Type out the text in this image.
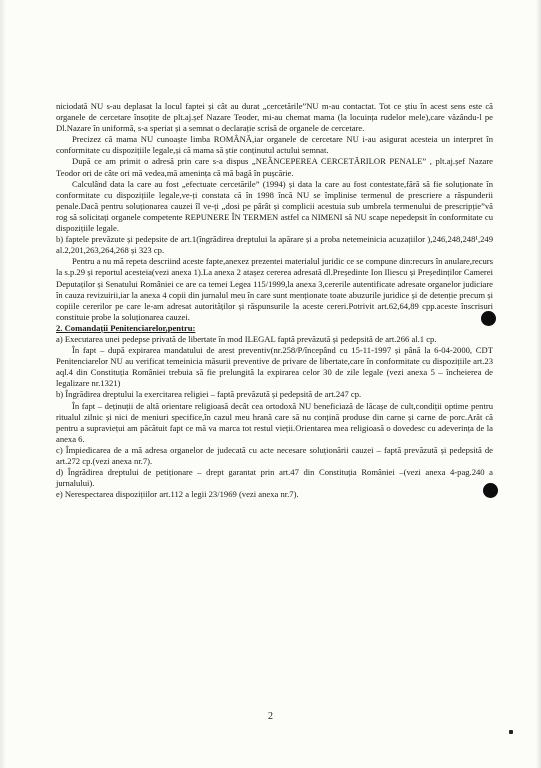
niciodată NU s-au deplasat la locul faptei și cât au durat „cercetările”NU m-au contactat. Tot ce știu în acest sens este că organele de cercetare însoțite de plt.aj.șef Nazare Teoder, mi-au chemat mama (la locuința rudelor mele),care văzându-l pe Dl.Nazare în uniformă, s-a speriat și a semnat o declarație scrisă de organele de cercetare.

Precizez că mama NU cunoaște limba ROMÂNĂ,iar organele de cercetare NU i-au asigurat acesteia un interpret în conformitate cu dispozițiile legale,și că mama să știe conținutul actului semnat.

După ce am primit o adresă prin care s-a dispus „NEÂNCEPEREA CERCETĂRILOR PENALE” , plt.aj.șef Nazare Teodor ori de câte ori mă vedea,mă amenința că mă bagă în pușcărie.

Calculând data la care au fost „efectuate cercetările” (1994) și data la care au fost contestate,fără să fie soluționate în conformitate cu dispozițiile legale,ve-ți constata că în 1998 încă NU se împlinise termenul de prescriere a răspunderii penale.Dacă pentru soluționarea cauzei îl ve-ți „dosi pe pârât și complicii acestuia sub umbrela termenului de prescripție”vă rog să solicitați organele competente REPUNERE ÎN TERMEN astfel ca NIMENI să NU scape nepedepsit în conformitate cu dispozițiile legale.

b) faptele prevăzute și pedepsite de art.1(îngrădirea dreptului la apărare și a proba netemeinicia acuzațiilor ),246,248,248¹,249 al.2,201,263,264,268 și 323 cp.

Pentru a nu mă repeta descriind aceste fapte,anexez prezentei materialul juridic ce se compune din:recurs în anulare,recurs la s.p.29 și reportul acesteia(vezi anexa 1).La anexa 2 atașez cererea adresată dl.Președinte Ion Iliescu și Președinților Camerei Deputaților și Senatului României ce are ca temei Legea 115/1999,la anexa 3,cererile autentificate adresate organelor judiciare în cauza revizuirii,iar la anexa 4 copii din jurnalul meu în care sunt menționate toate abuzurile juridice și de detenție precum și copiile cererilor pe care le-am adresat autorităților și răspunsurile la aceste cereri.Potrivit art.62,64,89 cpp.aceste înscrisuri constituie probe la soluționarea cauzei.

2. Comandații Penitenciarelor,pentru:

a) Executarea unei pedepse privată de libertate în mod ILEGAL faptă prevăzută și pedepsită de art.266 al.1 cp.

În fapt – după expirarea mandatului de arest preventiv(nr.258/P/începând cu 15-11-1997 și până la 6-04-2000, CDT Penitenciarelor NU au verificat temeinicia măsurii preventive de privare de libertate,care în conformitate cu dispozițiile art.23 aql.4 din Constituția României trebuia să fie prelungită la expirarea celor 30 de zile legale (vezi anexa 5 – încheierea de legalizare nr.1321)

b) Îngrădirea dreptului la exercitarea religiei – faptă prevăzută și pedepsită de art.247 cp.

În fapt – deținuții de altă orientare religioasă decât cea ortodoxă NU beneficiază de lăcașe de cult,condiții optime pentru ritualul zilnic și nici de meniuri specifice,în cazul meu hrană care să nu conțină produse din carne și carne de porc.Arăt că pentru a supraviețui am păcătuit fapt ce mă va marca tot restul vieții.Orientarea mea religioasă o dovedesc cu adeverința de la anexa 6.

c) Împiedicarea de a mă adresa organelor de judecată cu acte necesare soluționării cauzei – faptă prevăzută și pedepsită de art.272 cp.(vezi anexa nr.7).

d) Îngrădirea dreptului de petiționare – drept garantat prin art.47 din Constituția României –(vezi anexa 4-pag.240 a jurnalului).

e) Nerespectarea dispozițiilor art.112 a legii 23/1969 (vezi anexa nr.7).

2
